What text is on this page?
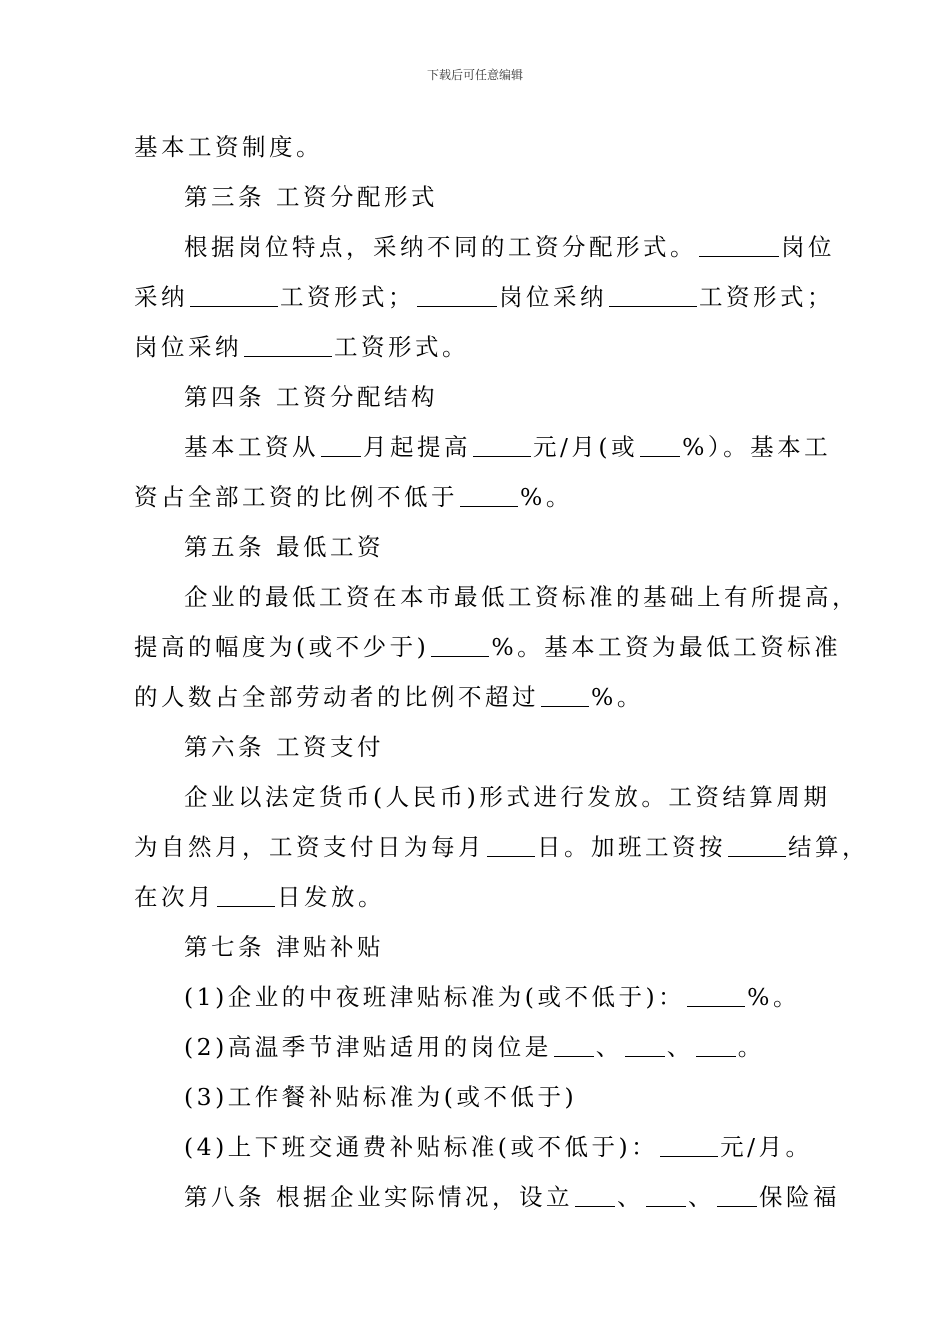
下载后可任意编辑
基本工资制度。
第三条 工资分配形式
根据岗位特点，采纳不同的工资分配形式。	岗位
采纳	工资形式；	岗位采纳	工资形式；
岗位采纳	工资形式。
第四条 工资分配结构
基本工资从 月起提高	元/月(或 %）。基本工
资占全部工资的比例不低于	%。
第五条 最低工资
企业的最低工资在本市最低工资标准的基础上有所提高，
提高的幅度为(或不少于)	%。基本工资为最低工资标准
的人数占全部劳动者的比例不超过 %。
第六条 工资支付
企业以法定货币(人民币)形式进行发放。工资结算周期
为自然月，工资支付日为每月 日。加班工资按	结算，
在次月	日发放。
第七条 津贴补贴
(1)企业的中夜班津贴标准为(或不低于)：	%。
(2)高温季节津贴适用的岗位是 、 、 。
(3)工作餐补贴标准为(或不低于)
(4)上下班交通费补贴标准(或不低于)：	元/月。
第八条 根据企业实际情况，设立 、 、 保险福
